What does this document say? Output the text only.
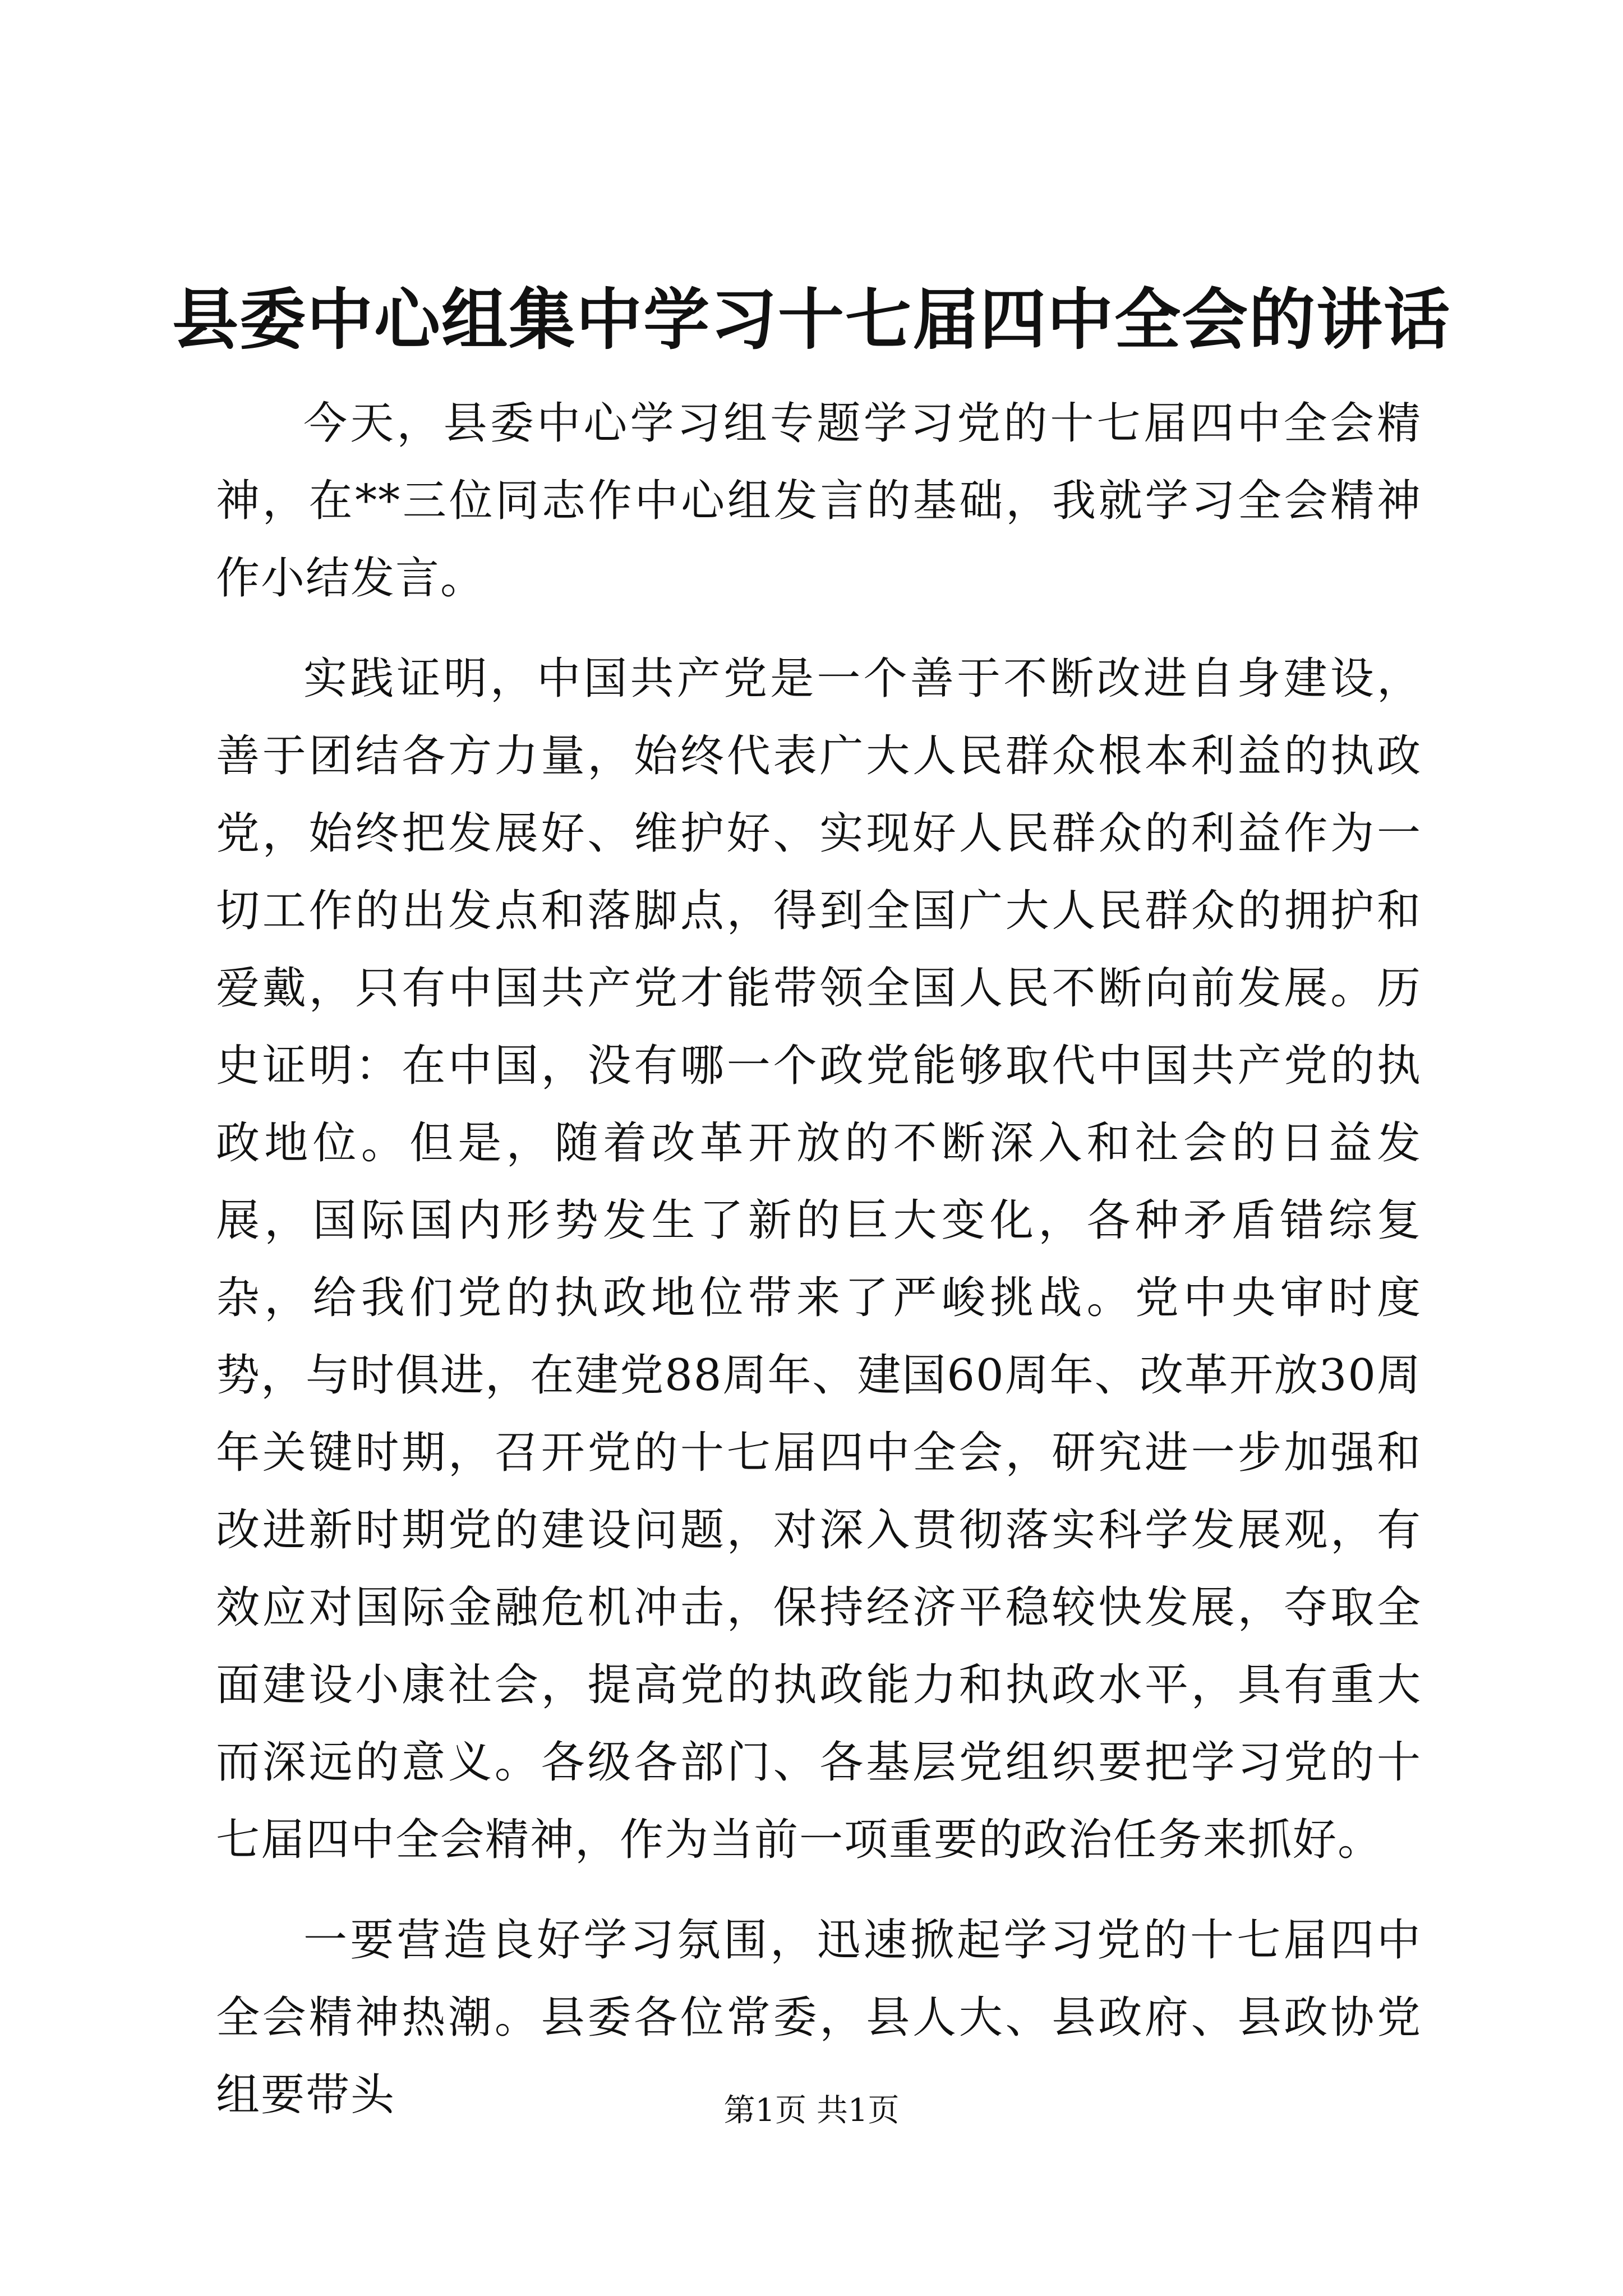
县委中心组集中学习十七届四中全会的讲话

今天，县委中心学习组专题学习党的十七届四中全会精神，在**三位同志作中心组发言的基础，我就学习全会精神作小结发言。

实践证明，中国共产党是一个善于不断改进自身建设，善于团结各方力量，始终代表广大人民群众根本利益的执政党，始终把发展好、维护好、实现好人民群众的利益作为一切工作的出发点和落脚点，得到全国广大人民群众的拥护和爱戴，只有中国共产党才能带领全国人民不断向前发展。历史证明：在中国，没有哪一个政党能够取代中国共产党的执政地位。但是，随着改革开放的不断深入和社会的日益发展，国际国内形势发生了新的巨大变化，各种矛盾错综复杂，给我们党的执政地位带来了严峻挑战。党中央审时度势，与时俱进，在建党88周年、建国60周年、改革开放30周年关键时期，召开党的十七届四中全会，研究进一步加强和改进新时期党的建设问题，对深入贯彻落实科学发展观，有效应对国际金融危机冲击，保持经济平稳较快发展，夺取全面建设小康社会，提高党的执政能力和执政水平，具有重大而深远的意义。各级各部门、各基层党组织要把学习党的十七届四中全会精神，作为当前一项重要的政治任务来抓好。

一要营造良好学习氛围，迅速掀起学习党的十七届四中全会精神热潮。县委各位常委，县人大、县政府、县政协党组要带头	第1页 共1页
